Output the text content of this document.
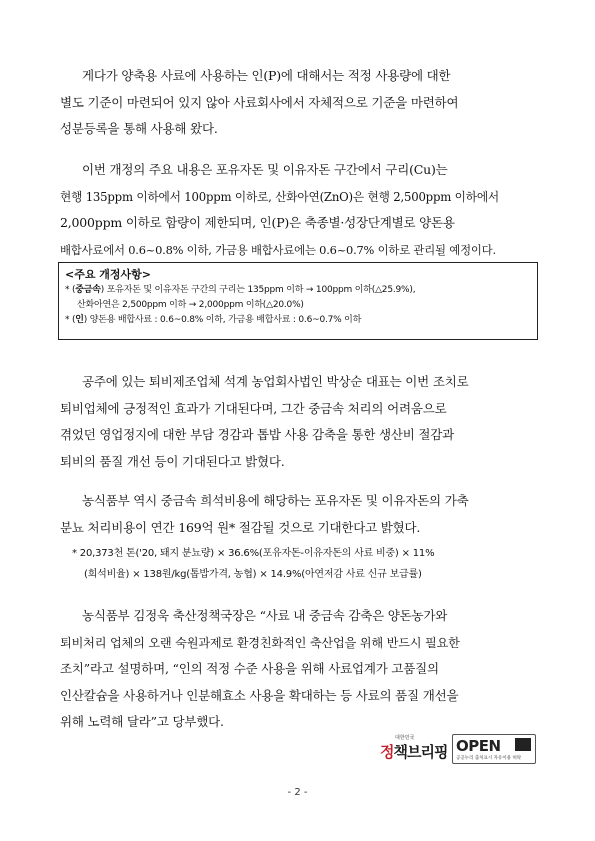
게다가 양축용 사료에 사용하는 인(P)에 대해서는 적정 사용량에 대한
별도 기준이 마련되어 있지 않아 사료회사에서 자체적으로 기준을 마련하여
성분등록을 통해 사용해 왔다.
이번 개정의 주요 내용은 포유자돈 및 이유자돈 구간에서 구리(Cu)는
현행 135ppm 이하에서 100ppm 이하로, 산화아연(ZnO)은 현행 2,500ppm 이하에서
2,000ppm 이하로 함량이 제한되며, 인(P)은 축종별·성장단계별로 양돈용
배합사료에서 0.6~0.8% 이하, 가금용 배합사료에는 0.6~0.7% 이하로 관리될 예정이다.
<주요 개정사항>
* (중금속) 포유자돈 및 이유자돈 구간의 구리는 135ppm 이하 → 100ppm 이하(△25.9%),
산화아연은 2,500ppm 이하 → 2,000ppm 이하(△20.0%)
* (인) 양돈용 배합사료 : 0.6~0.8% 이하, 가금용 배합사료 : 0.6~0.7% 이하
공주에 있는 퇴비제조업체 석계 농업회사법인 박상순 대표는 이번 조치로
퇴비업체에 긍정적인 효과가 기대된다며, 그간 중금속 처리의 어려움으로
겪었던 영업정지에 대한 부담 경감과 톱밥 사용 감축을 통한 생산비 절감과
퇴비의 품질 개선 등이 기대된다고 밝혔다.
농식품부 역시 중금속 희석비용에 해당하는 포유자돈 및 이유자돈의 가축
분뇨 처리비용이 연간 169억 원* 절감될 것으로 기대한다고 밝혔다.
* 20,373천 톤('20, 돼지 분뇨량) × 36.6%(포유자돈-이유자돈의 사료 비중) × 11%
(희석비율) × 138원/kg(톱밥가격, 농협) × 14.9%(아연저감 사료 신규 보급률)
농식품부 김정욱 축산정책국장은 “사료 내 중금속 감축은 양돈농가와
퇴비처리 업체의 오랜 숙원과제로 환경친화적인 축산업을 위해 반드시 필요한
조치”라고 설명하며, “인의 적정 수준 사용을 위해 사료업계가 고품질의
인산칼슘을 사용하거나 인분해효소 사용을 확대하는 등 사료의 품질 개선을
위해 노력해 달라”고 당부했다.
대한민국
정책브리핑 OPEN
공공누리 출처표시 자유이용 허락
- 2 -
